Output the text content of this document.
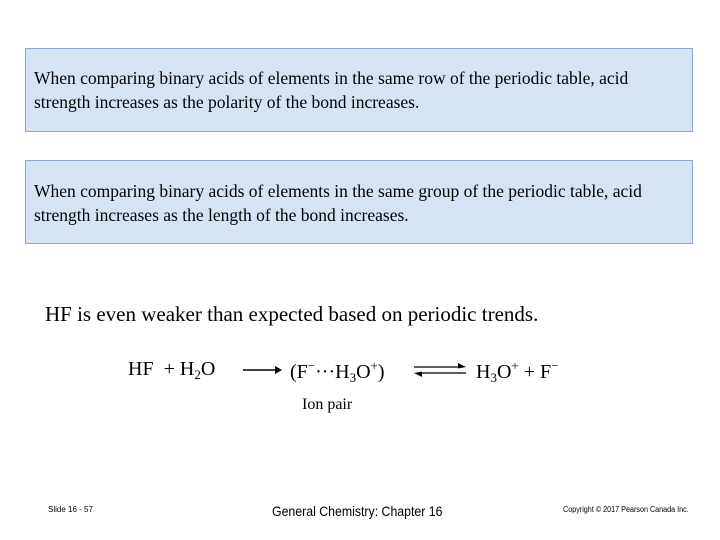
When comparing binary acids of elements in the same row of the periodic table, acid strength increases as the polarity of the bond increases.
When comparing binary acids of elements in the same group of the periodic table, acid strength increases as the length of the bond increases.
HF is even weaker than expected based on periodic trends.
HF + $H_2O$	$(F^-\cdot\cdot\cdot H_3O^+)$ ⇌ $H_3O^+ + F^-$
Ion pair
Slide 16 - 57	General Chemistry: Chapter 16	Copyright © 2017 Pearson Canada Inc.
